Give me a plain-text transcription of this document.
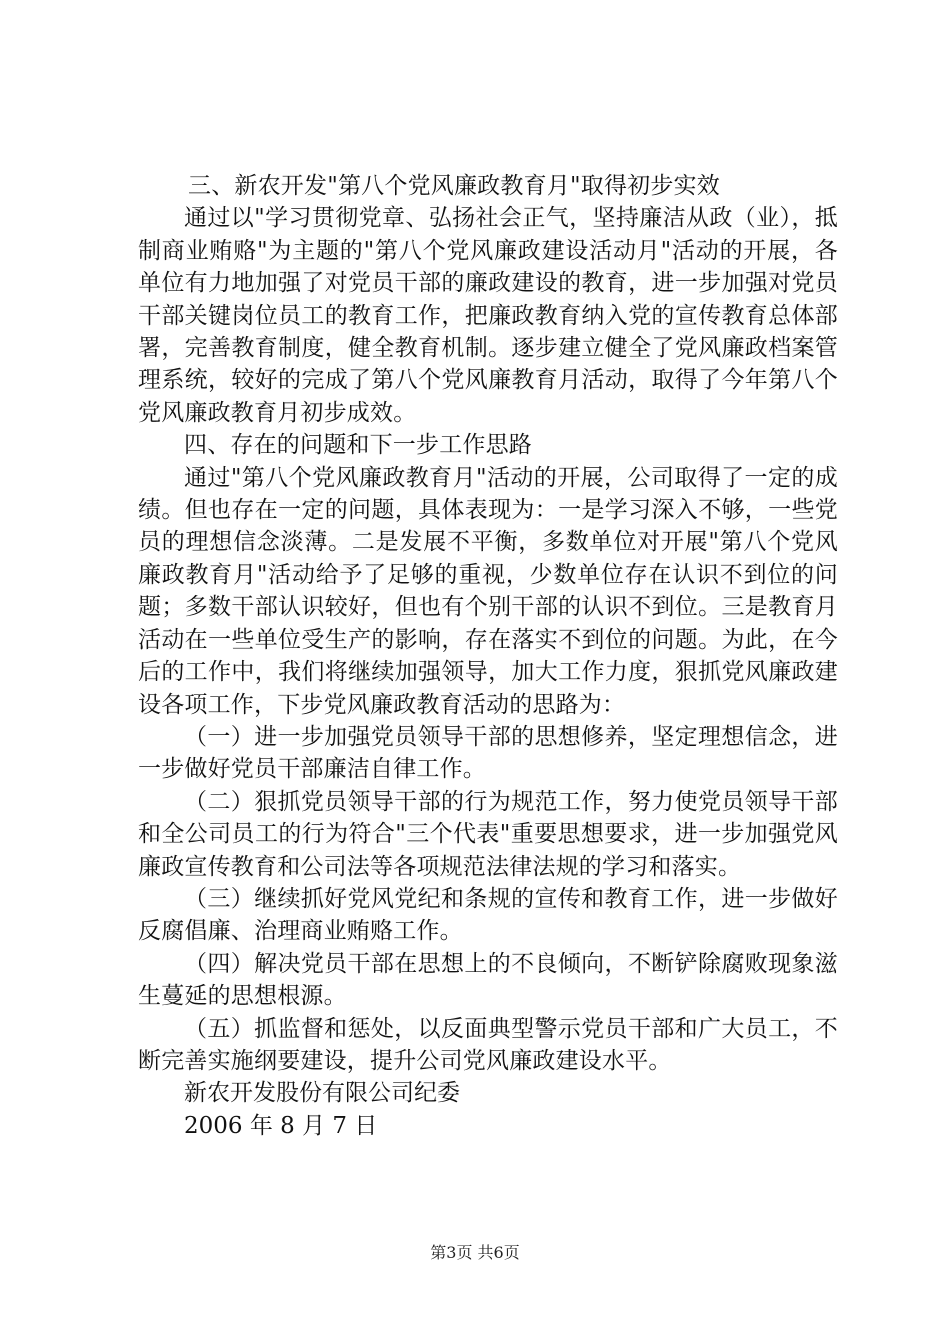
三、新农开发"第八个党风廉政教育月"取得初步实效

通过以"学习贯彻党章、弘扬社会正气，坚持廉洁从政（业），抵制商业贿赂"为主题的"第八个党风廉政建设活动月"活动的开展，各单位有力地加强了对党员干部的廉政建设的教育，进一步加强对党员干部关键岗位员工的教育工作，把廉政教育纳入党的宣传教育总体部署，完善教育制度，健全教育机制。逐步建立健全了党风廉政档案管理系统，较好的完成了第八个党风廉教育月活动，取得了今年第八个党风廉政教育月初步成效。

四、存在的问题和下一步工作思路

通过"第八个党风廉政教育月"活动的开展，公司取得了一定的成绩。但也存在一定的问题，具体表现为：一是学习深入不够，一些党员的理想信念淡薄。二是发展不平衡，多数单位对开展"第八个党风廉政教育月"活动给予了足够的重视，少数单位存在认识不到位的问题；多数干部认识较好，但也有个别干部的认识不到位。三是教育月活动在一些单位受生产的影响，存在落实不到位的问题。为此，在今后的工作中，我们将继续加强领导，加大工作力度，狠抓党风廉政建设各项工作，下步党风廉政教育活动的思路为：

（一）进一步加强党员领导干部的思想修养，坚定理想信念，进一步做好党员干部廉洁自律工作。

（二）狠抓党员领导干部的行为规范工作，努力使党员领导干部和全公司员工的行为符合"三个代表"重要思想要求，进一步加强党风廉政宣传教育和公司法等各项规范法律法规的学习和落实。

（三）继续抓好党风党纪和条规的宣传和教育工作，进一步做好反腐倡廉、治理商业贿赂工作。

（四）解决党员干部在思想上的不良倾向，不断铲除腐败现象滋生蔓延的思想根源。

（五）抓监督和惩处，以反面典型警示党员干部和广大员工，不断完善实施纲要建设，提升公司党风廉政建设水平。

新农开发股份有限公司纪委

2006 年 8 月 7 日

第3页 共6页
